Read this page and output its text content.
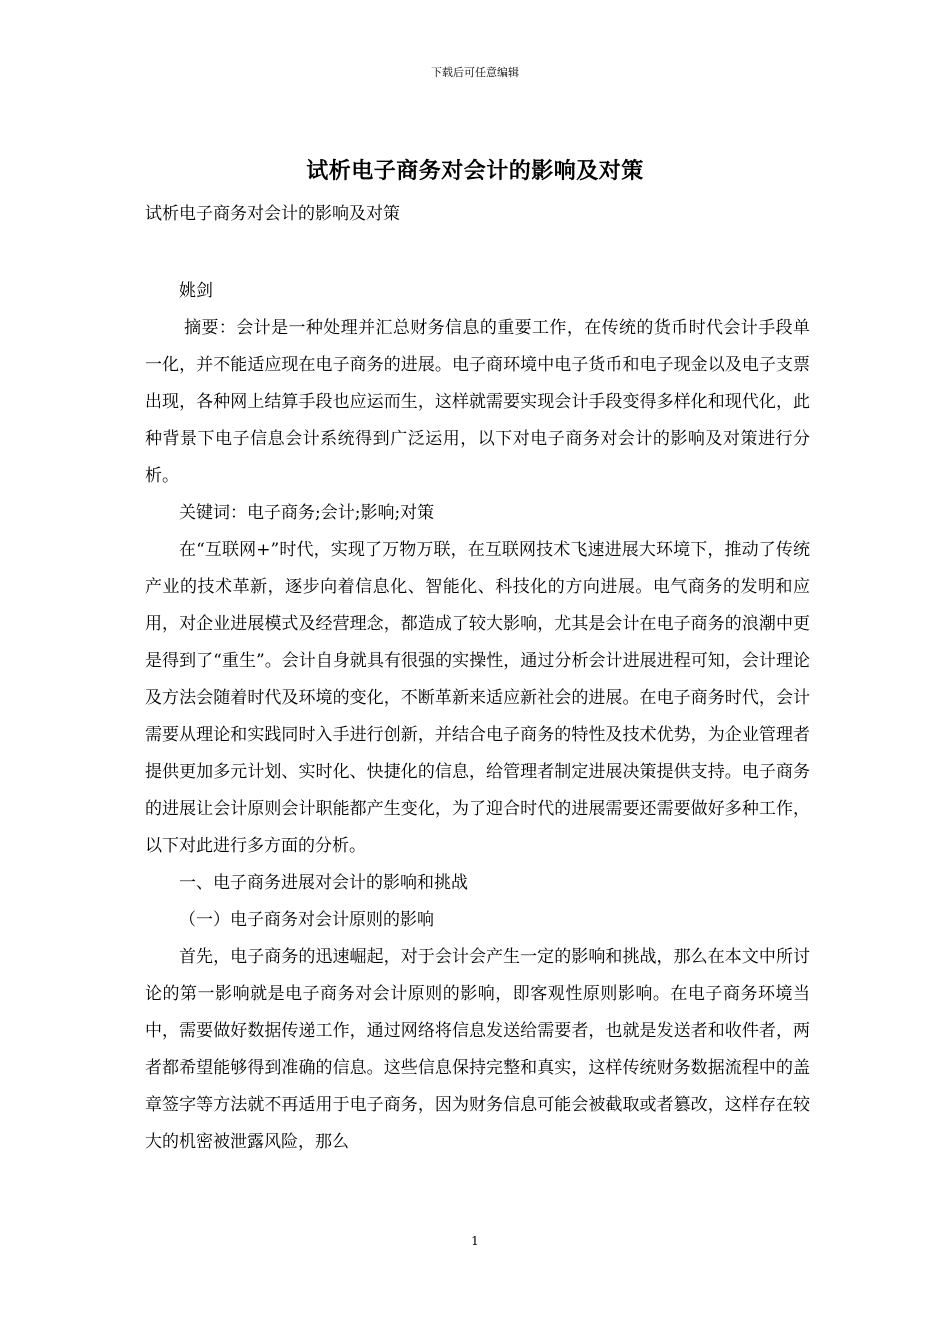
下载后可任意编辑
试析电子商务对会计的影响及对策
试析电子商务对会计的影响及对策

姚剑

摘要：会计是一种处理并汇总财务信息的重要工作，在传统的货币时代会计手段单一化，并不能适应现在电子商务的进展。电子商环境中电子货币和电子现金以及电子支票出现，各种网上结算手段也应运而生，这样就需要实现会计手段变得多样化和现代化，此种背景下电子信息会计系统得到广泛运用，以下对电子商务对会计的影响及对策进行分析。

关键词：电子商务;会计;影响;对策

在“互联网+”时代，实现了万物万联，在互联网技术飞速进展大环境下，推动了传统产业的技术革新，逐步向着信息化、智能化、科技化的方向进展。电气商务的发明和应用，对企业进展模式及经营理念，都造成了较大影响，尤其是会计在电子商务的浪潮中更是得到了“重生”。会计自身就具有很强的实操性，通过分析会计进展进程可知，会计理论及方法会随着时代及环境的变化，不断革新来适应新社会的进展。在电子商务时代，会计需要从理论和实践同时入手进行创新，并结合电子商务的特性及技术优势，为企业管理者提供更加多元计划、实时化、快捷化的信息，给管理者制定进展决策提供支持。电子商务的进展让会计原则会计职能都产生变化，为了迎合时代的进展需要还需要做好多种工作，以下对此进行多方面的分析。

一、电子商务进展对会计的影响和挑战

（一）电子商务对会计原则的影响

首先，电子商务的迅速崛起，对于会计会产生一定的影响和挑战，那么在本文中所讨论的第一影响就是电子商务对会计原则的影响，即客观性原则影响。在电子商务环境当中，需要做好数据传递工作，通过网络将信息发送给需要者，也就是发送者和收件者，两者都希望能够得到准确的信息。这些信息保持完整和真实，这样传统财务数据流程中的盖章签字等方法就不再适用于电子商务，因为财务信息可能会被截取或者篡改，这样存在较大的机密被泄露风险，那么

1
